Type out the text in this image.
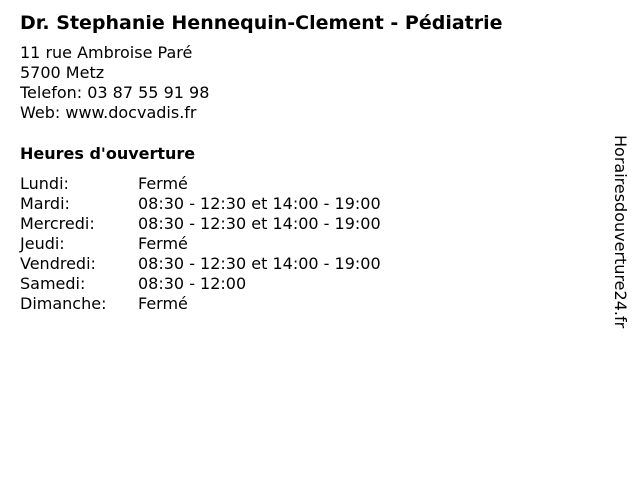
Dr. Stephanie Hennequin-Clement - Pédiatrie
11 rue Ambroise Paré
5700 Metz
Telefon: 03 87 55 91 98
Web: www.docvadis.fr
Heures d'ouverture
Lundi:	Fermé
Mardi:	08:30 - 12:30 et 14:00 - 19:00
Mercredi:	08:30 - 12:30 et 14:00 - 19:00
Jeudi:	Fermé
Vendredi:	08:30 - 12:30 et 14:00 - 19:00
Samedi:	08:30 - 12:00
Dimanche:	Fermé	Horairesdouverture24.fr
